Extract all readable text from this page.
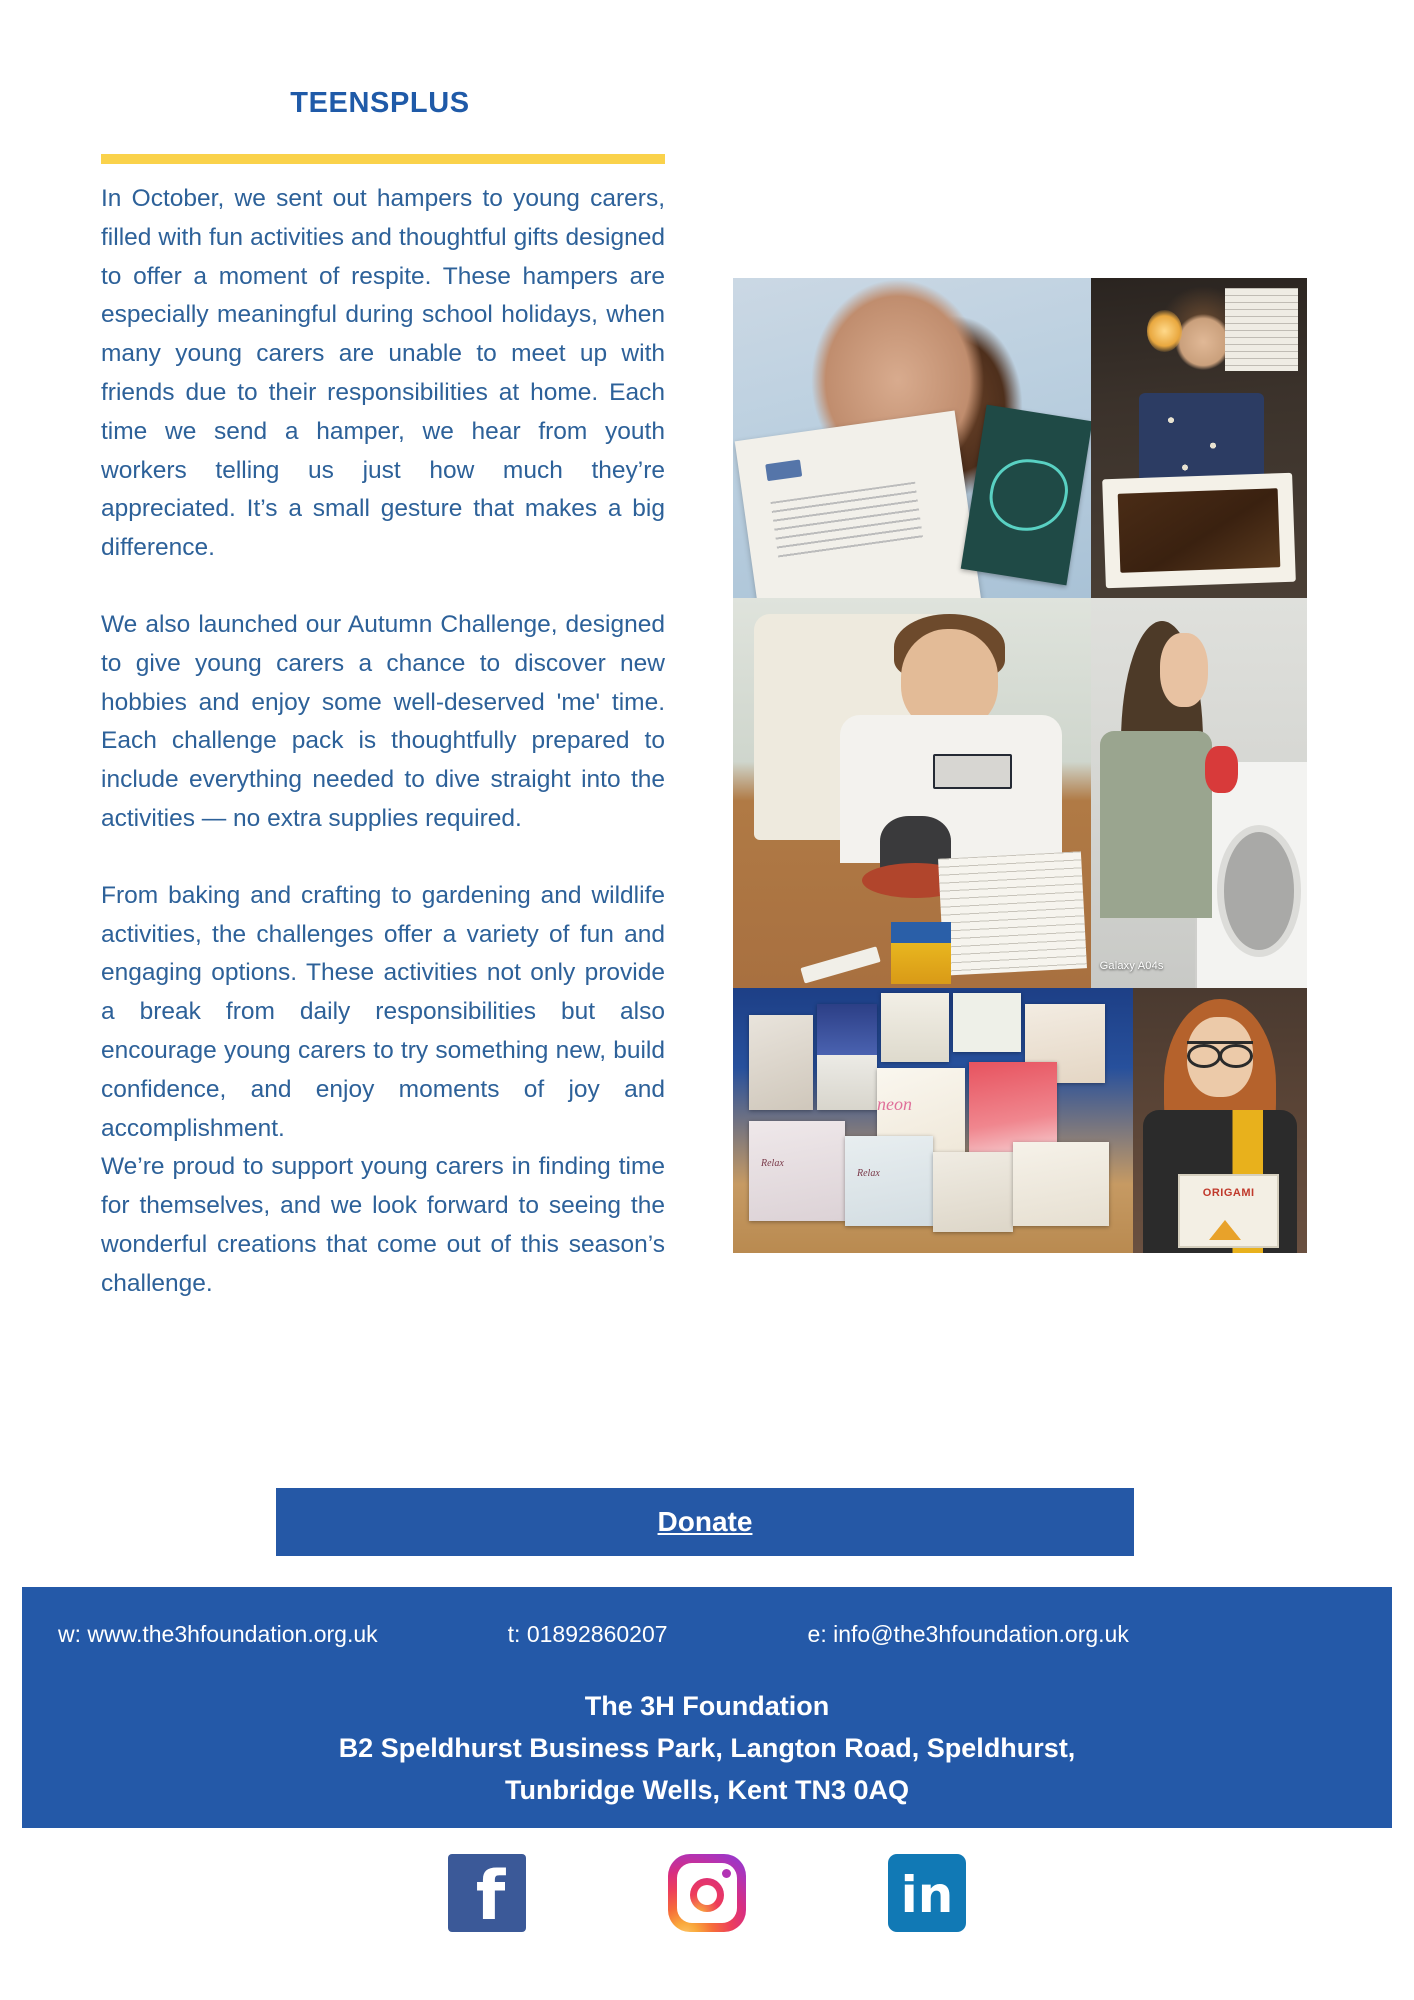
TEENSPLUS

In October, we sent out hampers to young carers, filled with fun activities and thoughtful gifts designed to offer a moment of respite. These hampers are especially meaningful during school holidays, when many young carers are unable to meet up with friends due to their responsibilities at home. Each time we send a hamper, we hear from youth workers telling us just how much they’re appreciated. It’s a small gesture that makes a big difference.

We also launched our Autumn Challenge, designed to give young carers a chance to discover new hobbies and enjoy some well-deserved 'me' time. Each challenge pack is thoughtfully prepared to include everything needed to dive straight into the activities — no extra supplies required.

From baking and crafting to gardening and wildlife activities, the challenges offer a variety of fun and engaging options. These activities not only provide a break from daily responsibilities but also encourage young carers to try something new, build confidence, and enjoy moments of joy and accomplishment.

We’re proud to support young carers in finding time for themselves, and we look forward to seeing the wonderful creations that come out of this season’s challenge.

Galaxy A04s
neon
Relax
Relax
ORIGAMI
Donate
w: www.the3hfoundation.org.uk	t: 01892860207	e: info@the3hfoundation.org.uk
The 3H Foundation
B2 Speldhurst Business Park, Langton Road, Speldhurst,
Tunbridge Wells, Kent TN3 0AQ
f	in
